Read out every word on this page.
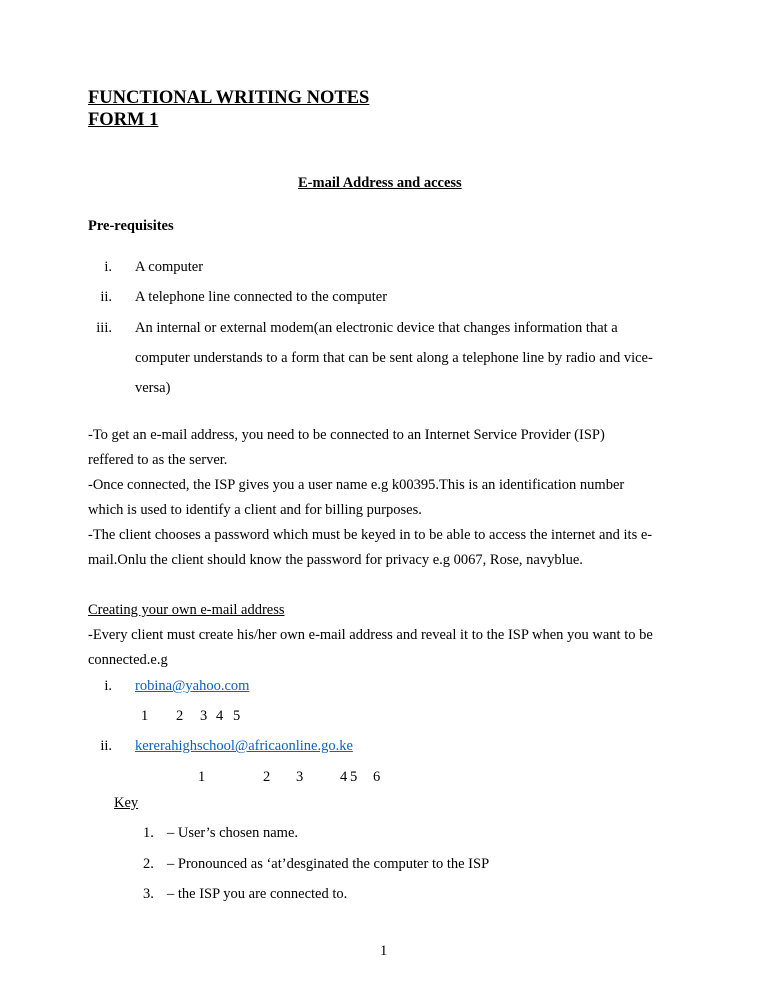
FUNCTIONAL WRITING NOTES
FORM 1
E-mail Address and access
Pre-requisites
i. A computer
ii. A telephone line connected to the computer
iii. An internal or external modem(an electronic device that changes information that a
computer understands to a form that can be sent along a telephone line by radio and vice-
versa)
-To get an e-mail address, you need to be connected to an Internet Service Provider (ISP)
reffered to as the server.
-Once connected, the ISP gives you a user name e.g k00395.This is an identification number
which is used to identify a client and for billing purposes.
-The client chooses a password which must be keyed in to be able to access the internet and its e-
mail.Onlu the client should know the password for privacy e.g 0067, Rose, navyblue.
Creating your own e-mail address
-Every client must create his/her own e-mail address and reveal it to the ISP when you want to be
connected.e.g
i. robina@yahoo.com
1 2 3 4 5
ii. kererahighschool@africaonline.go.ke
1	2 3	4 5 6
Key
1. – User’s chosen name.
2. – Pronounced as ‘at’desginated the computer to the ISP
3. – the ISP you are connected to.
1
